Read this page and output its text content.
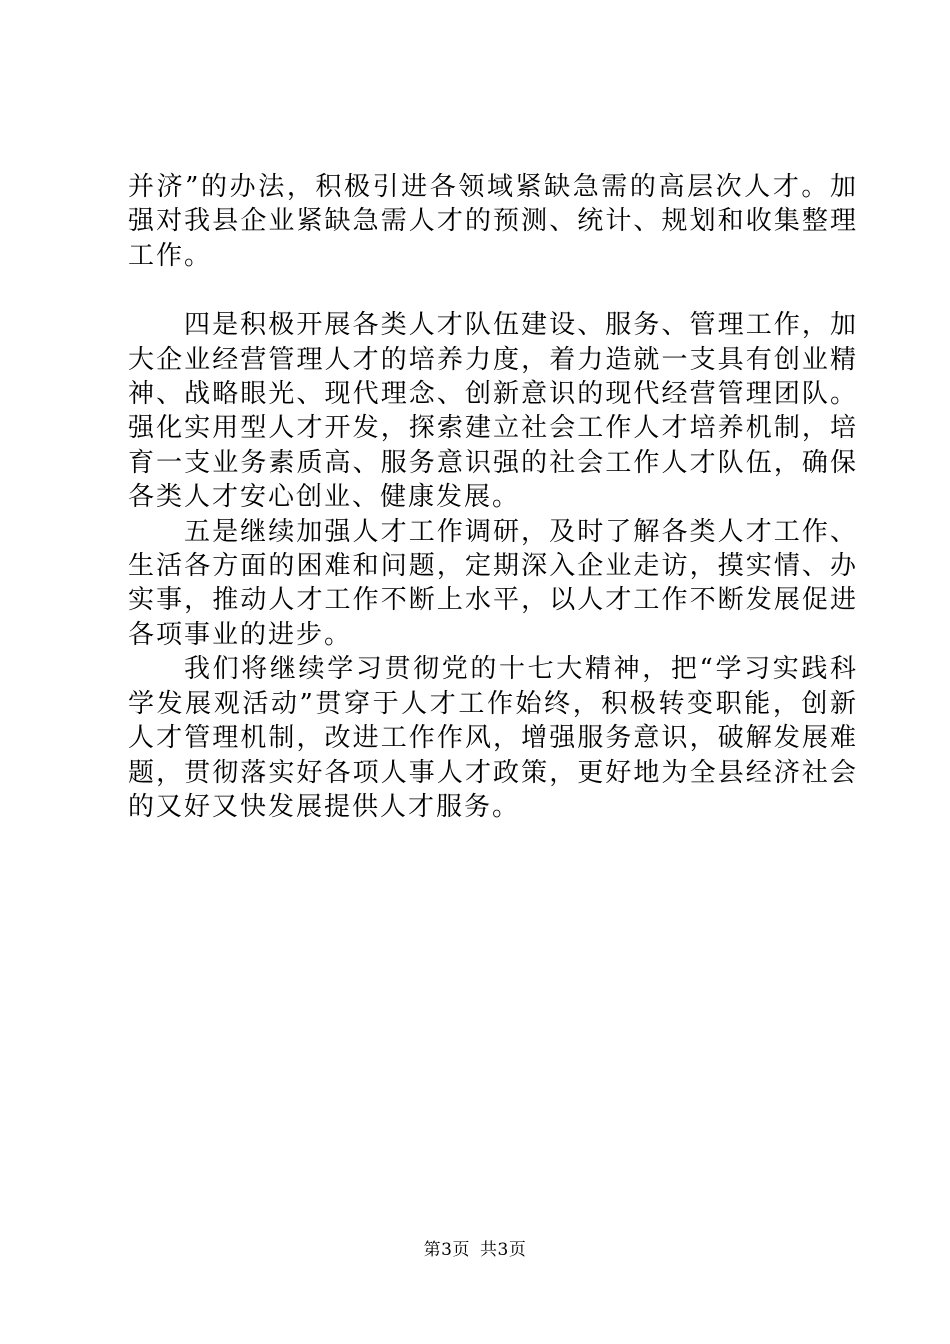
并济”的办法，积极引进各领域紧缺急需的高层次人才。加强对我县企业紧缺急需人才的预测、统计、规划和收集整理工作。

四是积极开展各类人才队伍建设、服务、管理工作，加大企业经营管理人才的培养力度，着力造就一支具有创业精神、战略眼光、现代理念、创新意识的现代经营管理团队。强化实用型人才开发，探索建立社会工作人才培养机制，培育一支业务素质高、服务意识强的社会工作人才队伍，确保各类人才安心创业、健康发展。

五是继续加强人才工作调研，及时了解各类人才工作、生活各方面的困难和问题，定期深入企业走访，摸实情、办实事，推动人才工作不断上水平，以人才工作不断发展促进各项事业的进步。

我们将继续学习贯彻党的十七大精神，把“学习实践科学发展观活动”贯穿于人才工作始终，积极转变职能，创新人才管理机制，改进工作作风，增强服务意识，破解发展难题，贯彻落实好各项人事人才政策，更好地为全县经济社会的又好又快发展提供人才服务。

第3页 共3页
